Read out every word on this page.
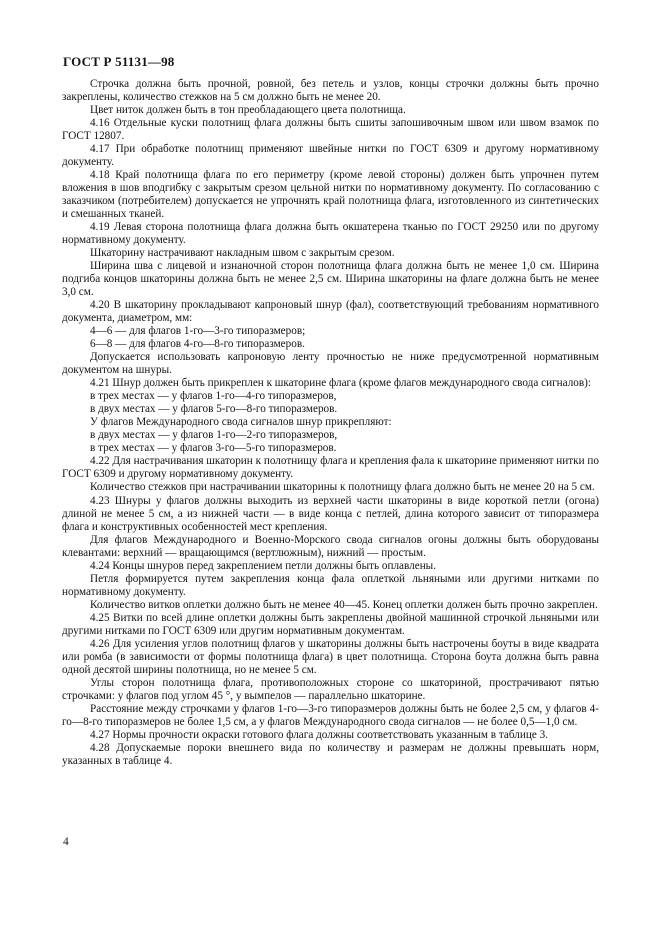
ГОСТ Р 51131—98

Строчка должна быть прочной, ровной, без петель и узлов, концы строчки должны быть прочно закреплены, количество стежков на 5 см должно быть не менее 20.

Цвет ниток должен быть в тон преобладающего цвета полотнища.

4.16 Отдельные куски полотнищ флага должны быть сшиты запошивочным швом или швом взамок по ГОСТ 12807.

4.17 При обработке полотнищ применяют швейные нитки по ГОСТ 6309 и другому нормативному документу.

4.18 Край полотнища флага по его периметру (кроме левой стороны) должен быть упрочнен путем вложения в шов вподгибку с закрытым срезом цельной нитки по нормативному документу. По согласованию с заказчиком (потребителем) допускается не упрочнять край полотнища флага, изготовленного из синтетических и смешанных тканей.

4.19 Левая сторона полотнища флага должна быть окшатерена тканью по ГОСТ 29250 или по другому нормативному документу.

Шкаторину настрачивают накладным швом с закрытым срезом.

Ширина шва с лицевой и изнаночной сторон полотнища флага должна быть не менее 1,0 см. Ширина подгиба концов шкаторины должна быть не менее 2,5 см. Ширина шкаторины на флаге должна быть не менее 3,0 см.

4.20 В шкаторину прокладывают капроновый шнур (фал), соответствующий требованиям нормативного документа, диаметром, мм:

4—6 — для флагов 1-го—3-го типоразмеров;

6—8 — для флагов 4-го—8-го типоразмеров.

Допускается использовать капроновую ленту прочностью не ниже предусмотренной нормативным документом на шнуры.

4.21 Шнур должен быть прикреплен к шкаторине флага (кроме флагов международного свода сигналов):

в трех местах — у флагов 1-го—4-го типоразмеров,

в двух местах — у флагов 5-го—8-го типоразмеров.

У флагов Международного свода сигналов шнур прикрепляют:

в двух местах — у флагов 1-го—2-го типоразмеров,

в трех местах — у флагов 3-го—5-го типоразмеров.

4.22 Для настрачивания шкаторин к полотнищу флага и крепления фала к шкаторине применяют нитки по ГОСТ 6309 и другому нормативному документу.

Количество стежков при настрачивании шкаторины к полотнищу флага должно быть не менее 20 на 5 см.

4.23 Шнуры у флагов должны выходить из верхней части шкаторины в виде короткой петли (огона) длиной не менее 5 см, а из нижней части — в виде конца с петлей, длина которого зависит от типоразмера флага и конструктивных особенностей мест крепления.

Для флагов Международного и Военно-Морского свода сигналов огоны должны быть оборудованы клевантами: верхний — вращающимся (вертлюжным), нижний — простым.

4.24 Концы шнуров перед закреплением петли должны быть оплавлены.

Петля формируется путем закрепления конца фала оплеткой льняными или другими нитками по нормативному документу.

Количество витков оплетки должно быть не менее 40—45. Конец оплетки должен быть прочно закреплен.

4.25 Витки по всей длине оплетки должны быть закреплены двойной машинной строчкой льняными или другими нитками по ГОСТ 6309 или другим нормативным документам.

4.26 Для усиления углов полотнищ флагов у шкаторины должны быть настрочены боуты в виде квадрата или ромба (в зависимости от формы полотнища флага) в цвет полотнища. Сторона боута должна быть равна одной десятой ширины полотнища, но не менее 5 см.

Углы сторон полотнища флага, противоположных стороне со шкаториной, прострачивают пятью строчками: у флагов под углом 45 °, у вымпелов — параллельно шкаторине.

Расстояние между строчками у флагов 1-го—3-го типоразмеров должны быть не более 2,5 см, у флагов 4-го—8-го типоразмеров не более 1,5 см, а у флагов Международного свода сигналов — не более 0,5—1,0 см.

4.27 Нормы прочности окраски готового флага должны соответствовать указанным в таблице 3.

4.28 Допускаемые пороки внешнего вида по количеству и размерам не должны превышать норм, указанных в таблице 4.

4
